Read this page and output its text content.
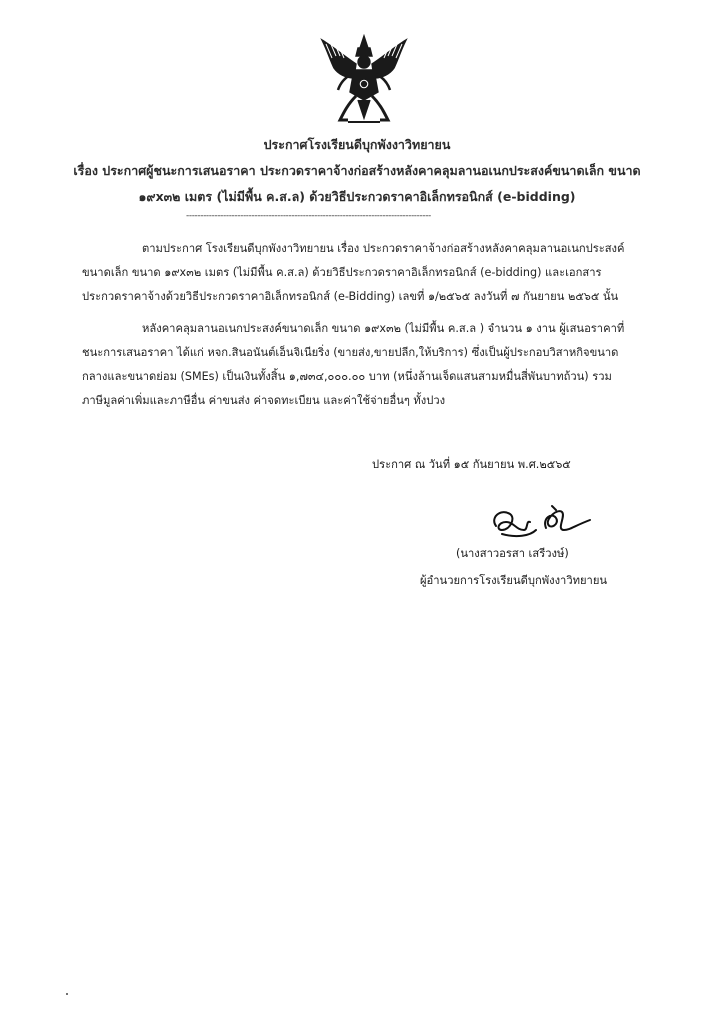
ประกาศโรงเรียนดีบุกพังงาวิทยายน
เรื่อง ประกาศผู้ชนะการเสนอราคา ประกวดราคาจ้างก่อสร้างหลังคาคลุมลานอเนกประสงค์ขนาดเล็ก ขนาด
๑๙x๓๒ เมตร (ไม่มีพื้น ค.ส.ล) ด้วยวิธีประกวดราคาอิเล็กทรอนิกส์ (e-bidding)
--------------------------------------------------------------------------------------
ตามประกาศ โรงเรียนดีบุกพังงาวิทยายน เรื่อง ประกวดราคาจ้างก่อสร้างหลังคาคลุมลานอเนกประสงค์
ขนาดเล็ก ขนาด ๑๙x๓๒ เมตร (ไม่มีพื้น ค.ส.ล) ด้วยวิธีประกวดราคาอิเล็กทรอนิกส์ (e-bidding) และเอกสาร
ประกวดราคาจ้างด้วยวิธีประกวดราคาอิเล็กทรอนิกส์ (e-Bidding) เลขที่ ๑/๒๕๖๕ ลงวันที่ ๗ กันยายน ๒๕๖๕ นั้น
หลังคาคลุมลานอเนกประสงค์ขนาดเล็ก ขนาด ๑๙x๓๒ (ไม่มีพื้น ค.ส.ล ) จำนวน ๑ งาน ผู้เสนอราคาที่
ชนะการเสนอราคา ได้แก่ หจก.สินอนันต์เอ็นจิเนียริ่ง (ขายส่ง,ขายปลีก,ให้บริการ) ซึ่งเป็นผู้ประกอบวิสาหกิจขนาด
กลางและขนาดย่อม (SMEs) เป็นเงินทั้งสิ้น ๑,๗๓๔,๐๐๐.๐๐ บาท (หนึ่งล้านเจ็ดแสนสามหมื่นสี่พันบาทถ้วน) รวม
ภาษีมูลค่าเพิ่มและภาษีอื่น ค่าขนส่ง ค่าจดทะเบียน และค่าใช้จ่ายอื่นๆ ทั้งปวง
ประกาศ ณ วันที่ ๑๕ กันยายน พ.ศ.๒๕๖๕
(นางสาวอรสา เสรีวงษ์)
ผู้อำนวยการโรงเรียนดีบุกพังงาวิทยายน
